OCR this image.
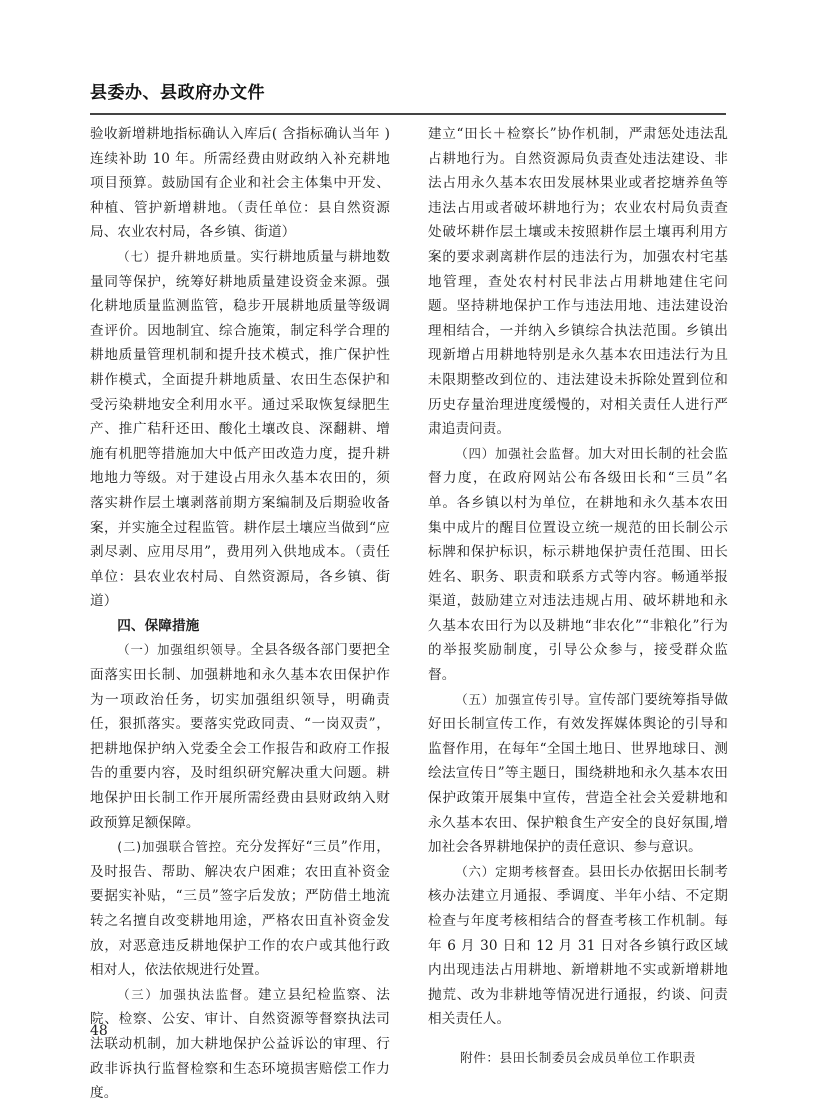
县委办、县政府办文件

验收新增耕地指标确认入库后( 含指标确认当年 ) 连续补助 10 年。所需经费由财政纳入补充耕地项目预算。鼓励国有企业和社会主体集中开发、种植、管护新增耕地。（责任单位：县自然资源局、农业农村局，各乡镇、街道）

（七）提升耕地质量。实行耕地质量与耕地数量同等保护，统筹好耕地质量建设资金来源。强化耕地质量监测监管，稳步开展耕地质量等级调查评价。因地制宜、综合施策，制定科学合理的耕地质量管理机制和提升技术模式，推广保护性耕作模式，全面提升耕地质量、农田生态保护和受污染耕地安全利用水平。通过采取恢复绿肥生产、推广秸秆还田、酸化土壤改良、深翻耕、增施有机肥等措施加大中低产田改造力度，提升耕地地力等级。对于建设占用永久基本农田的，须落实耕作层土壤剥落前期方案编制及后期验收备案，并实施全过程监管。耕作层土壤应当做到“应剥尽剥、应用尽用”，费用列入供地成本。（责任单位：县农业农村局、自然资源局，各乡镇、街道）

四、保障措施

（一）加强组织领导。全县各级各部门要把全面落实田长制、加强耕地和永久基本农田保护作为一项政治任务，切实加强组织领导，明确责任，狠抓落实。要落实党政同责、“一岗双责”，把耕地保护纳入党委全会工作报告和政府工作报告的重要内容，及时组织研究解决重大问题。耕地保护田长制工作开展所需经费由县财政纳入财政预算足额保障。

(二)加强联合管控。充分发挥好“三员”作用，及时报告、帮助、解决农户困难；农田直补资金要据实补贴，“三员”签字后发放；严防借土地流转之名擅自改变耕地用途，严格农田直补资金发放，对恶意违反耕地保护工作的农户或其他行政相对人，依法依规进行处置。

（三）加强执法监督。建立县纪检监察、法院、检察、公安、审计、自然资源等督察执法司法联动机制，加大耕地保护公益诉讼的审理、行政非诉执行监督检察和生态环境损害赔偿工作力度。

建立“田长＋检察长”协作机制，严肃惩处违法乱占耕地行为。自然资源局负责查处违法建设、非法占用永久基本农田发展林果业或者挖塘养鱼等违法占用或者破坏耕地行为；农业农村局负责查处破坏耕作层土壤或未按照耕作层土壤再利用方案的要求剥离耕作层的违法行为，加强农村宅基地管理，查处农村村民非法占用耕地建住宅问题。坚持耕地保护工作与违法用地、违法建设治理相结合，一并纳入乡镇综合执法范围。乡镇出现新增占用耕地特别是永久基本农田违法行为且未限期整改到位的、违法建设未拆除处置到位和历史存量治理进度缓慢的，对相关责任人进行严肃追责问责。

（四）加强社会监督。加大对田长制的社会监督力度，在政府网站公布各级田长和“三员”名单。各乡镇以村为单位，在耕地和永久基本农田集中成片的醒目位置设立统一规范的田长制公示标牌和保护标识，标示耕地保护责任范围、田长姓名、职务、职责和联系方式等内容。畅通举报渠道，鼓励建立对违法违规占用、破坏耕地和永久基本农田行为以及耕地“非农化”“非粮化”行为的举报奖励制度，引导公众参与，接受群众监督。

（五）加强宣传引导。宣传部门要统筹指导做好田长制宣传工作，有效发挥媒体舆论的引导和监督作用，在每年“全国土地日、世界地球日、测绘法宣传日”等主题日，围绕耕地和永久基本农田保护政策开展集中宣传，营造全社会关爱耕地和永久基本农田、保护粮食生产安全的良好氛围,增加社会各界耕地保护的责任意识、参与意识。

（六）定期考核督查。县田长办依据田长制考核办法建立月通报、季调度、半年小结、不定期检查与年度考核相结合的督查考核工作机制。每年 6 月 30 日和 12 月 31 日对各乡镇行政区域内出现违法占用耕地、新增耕地不实或新增耕地抛荒、改为非耕地等情况进行通报，约谈、问责相关责任人。

附件：县田长制委员会成员单位工作职责

48
